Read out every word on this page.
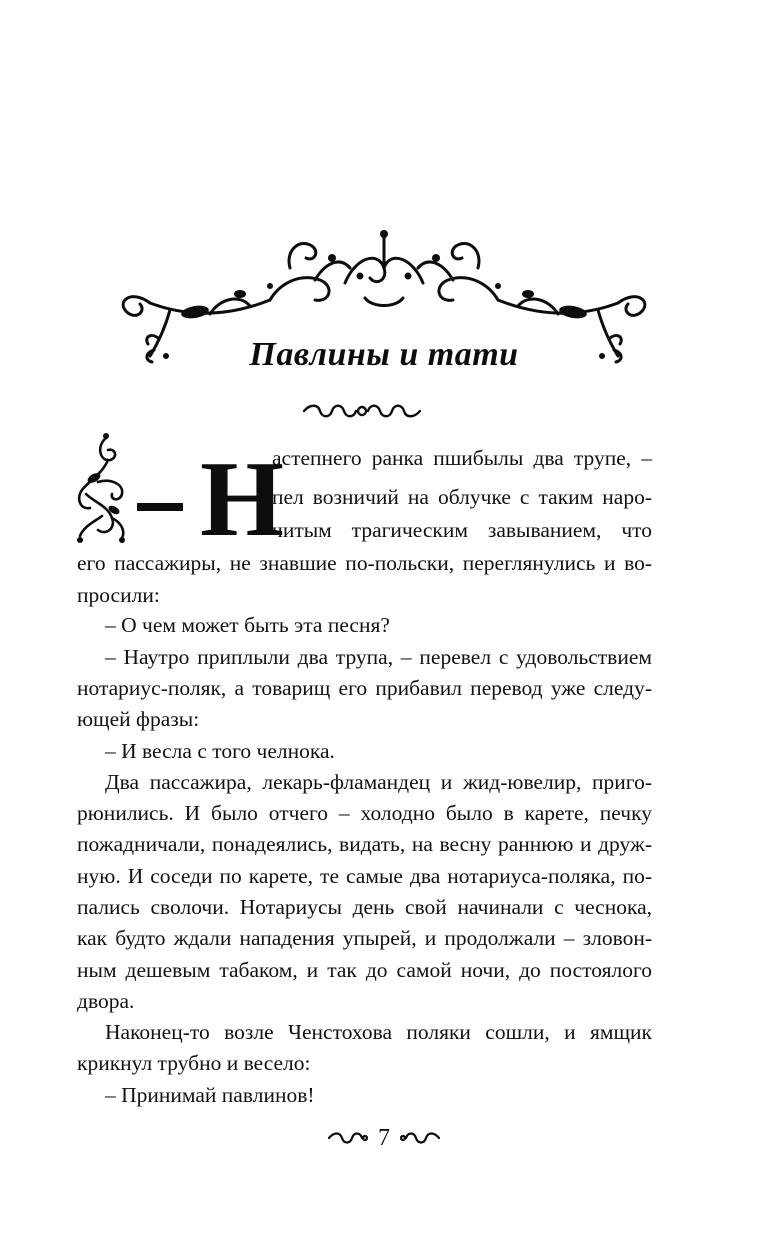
Павлины и тати
Н
астепнего ранка пшибылы два трупе, –
пел возничий на облучке с таким наро-
читым трагическим завыванием, что
его пассажиры, не знавшие по-польски, переглянулись и во-
просили:
– О чем может быть эта песня?
– Наутро приплыли два трупа, – перевел с удовольствием
нотариус-поляк, а товарищ его прибавил перевод уже следу-
ющей фразы:
– И весла с того челнока.
Два пассажира, лекарь-фламандец и жид-ювелир, приго-
рюнились. И было отчего – холодно было в карете, печку
пожадничали, понадеялись, видать, на весну раннюю и друж-
ную. И соседи по карете, те самые два нотариуса-поляка, по-
пались сволочи. Нотариусы день свой начинали с чеснока,
как будто ждали нападения упырей, и продолжали – зловон-
ным дешевым табаком, и так до самой ночи, до постоялого
двора.
Наконец-то возле Ченстохова поляки сошли, и ямщик
крикнул трубно и весело:
– Принимай павлинов!
7
